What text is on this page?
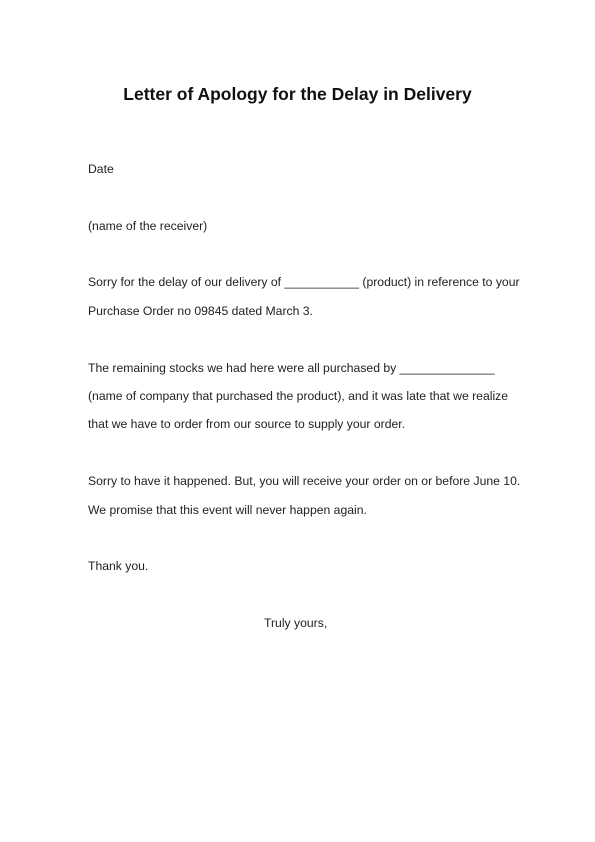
Letter of Apology for the Delay in Delivery
Date
(name of the receiver)
Sorry for the delay of our delivery of ___________ (product) in reference to your
Purchase Order no 09845 dated March 3.
The remaining stocks we had here were all purchased by ______________
(name of company that purchased the product), and it was late that we realize
that we have to order from our source to supply your order.
Sorry to have it happened. But, you will receive your order on or before June 10.
We promise that this event will never happen again.
Thank you.
Truly yours,
